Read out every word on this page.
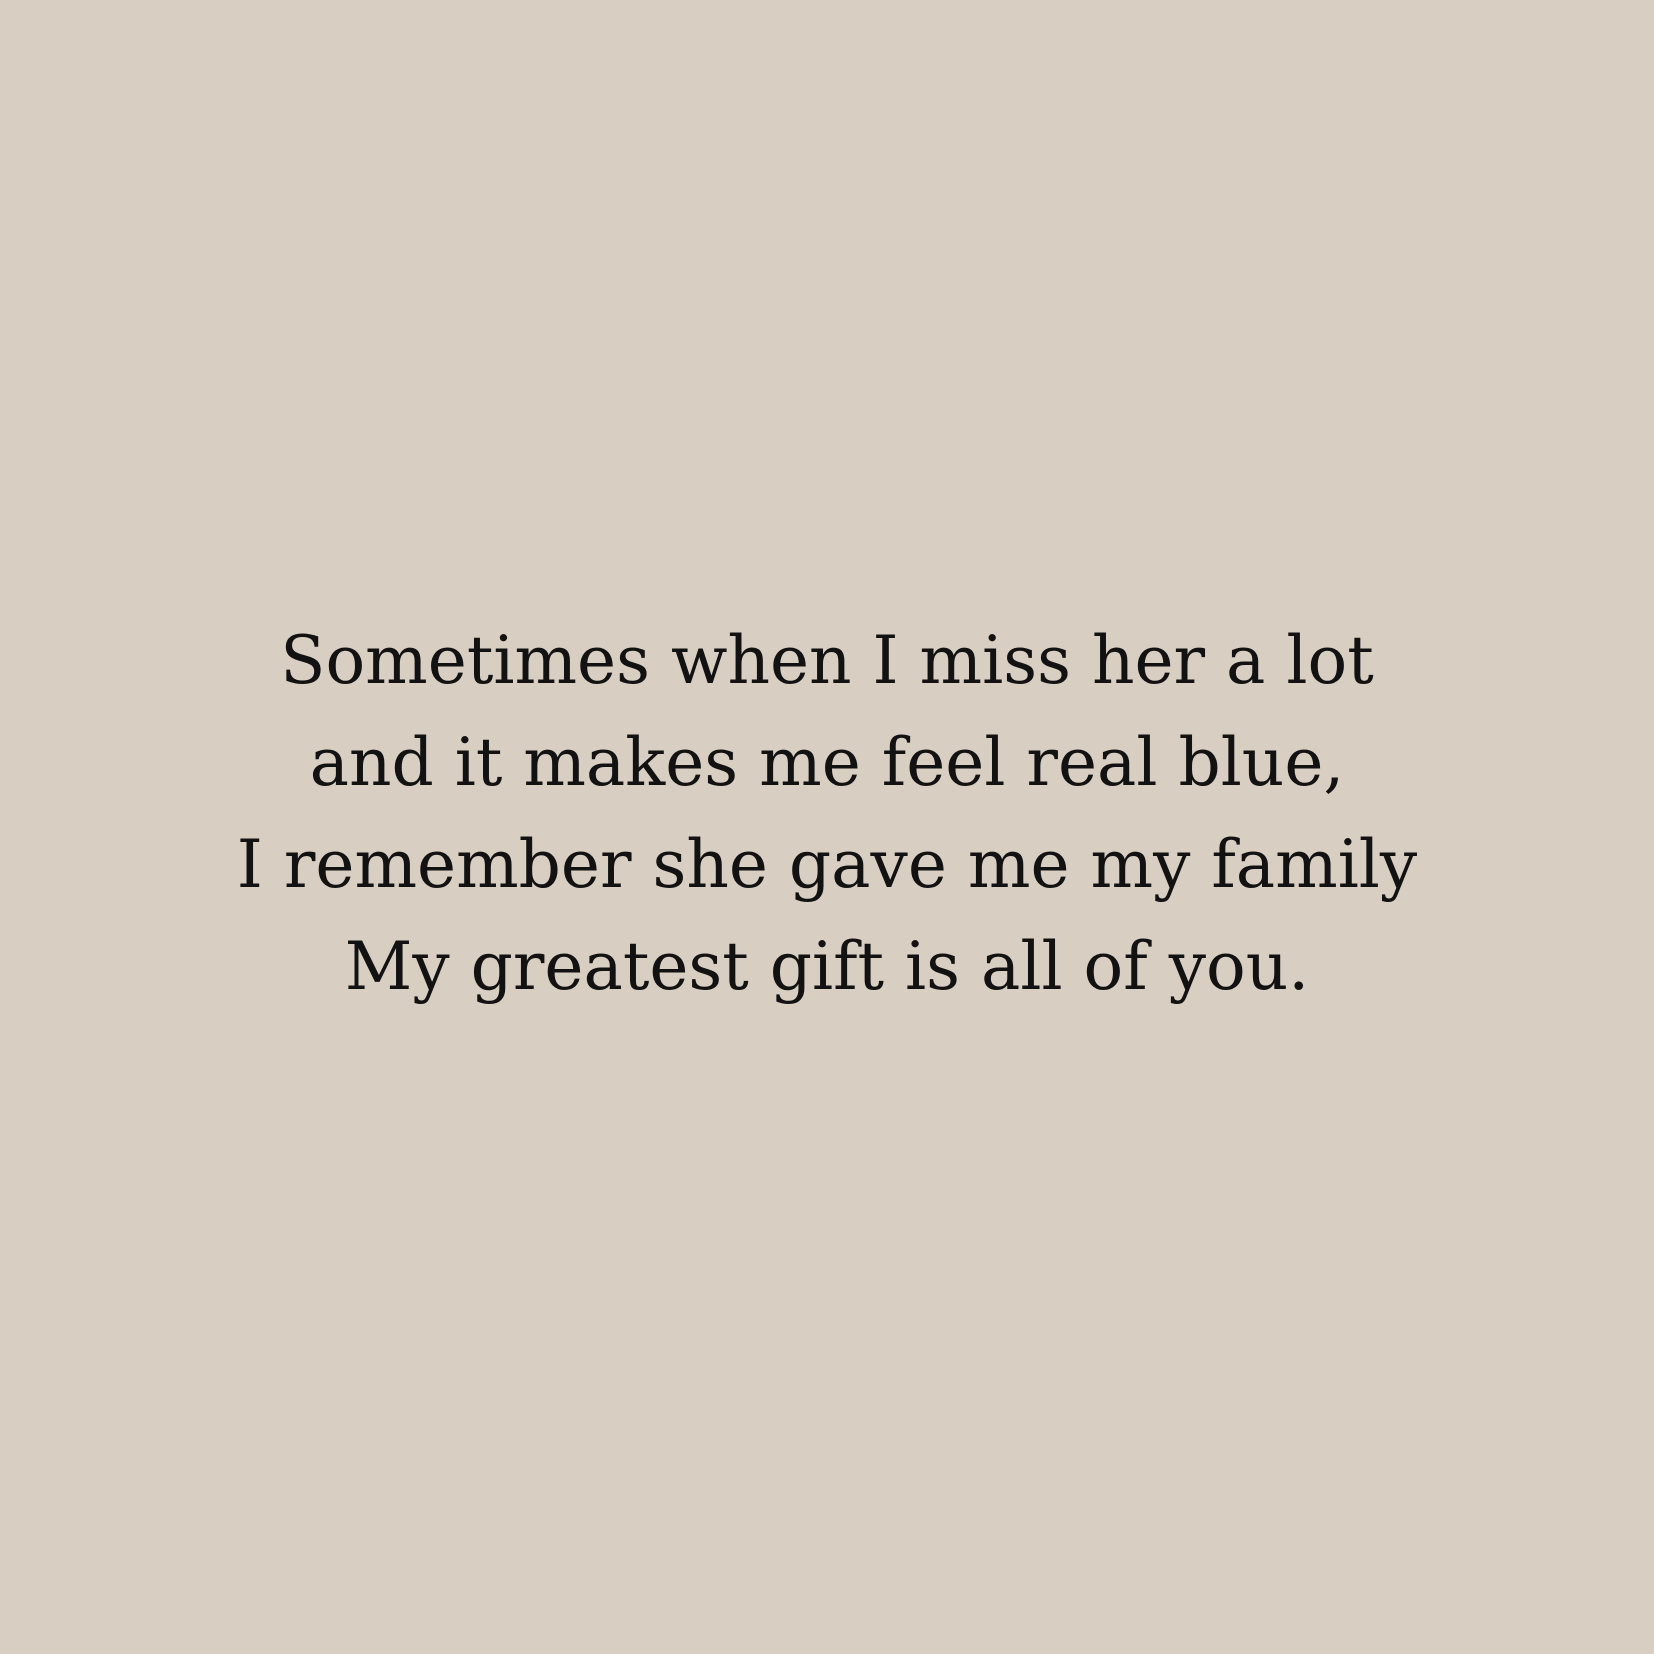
Sometimes when I miss her a lot
and it makes me feel real blue,
I remember she gave me my family
My greatest gift is all of you.
